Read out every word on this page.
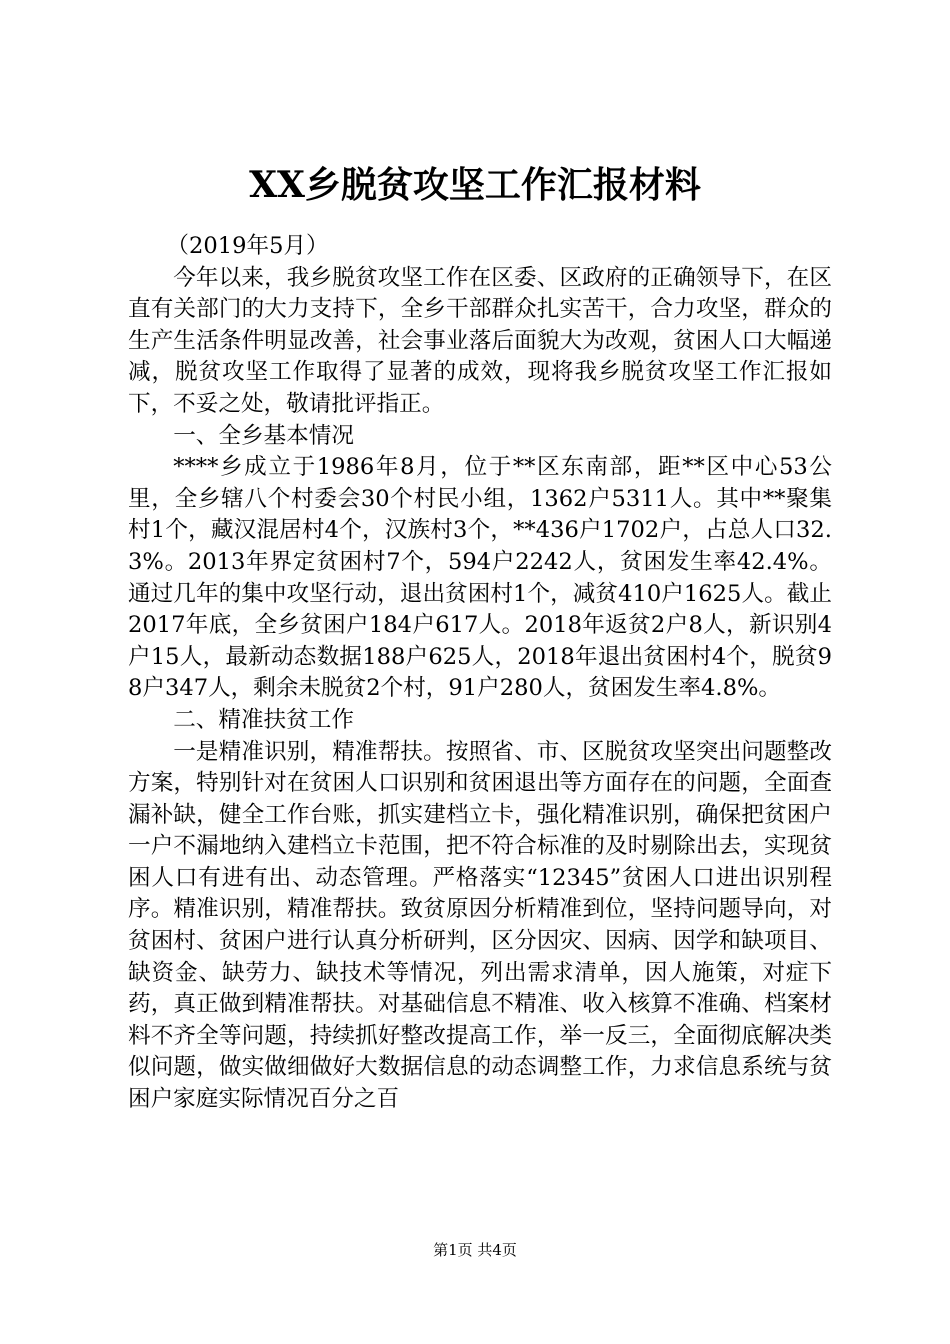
XX乡脱贫攻坚工作汇报材料

（2019年5月）

今年以来，我乡脱贫攻坚工作在区委、区政府的正确领导下，在区直有关部门的大力支持下，全乡干部群众扎实苦干，合力攻坚，群众的生产生活条件明显改善，社会事业落后面貌大为改观，贫困人口大幅递减，脱贫攻坚工作取得了显著的成效，现将我乡脱贫攻坚工作汇报如下，不妥之处，敬请批评指正。

一、全乡基本情况

****乡成立于1986年8月，位于**区东南部，距**区中心53公里，全乡辖八个村委会30个村民小组，1362户5311人。其中**聚集村1个，藏汉混居村4个，汉族村3个，**436户1702户，占总人口32.3%。2013年界定贫困村7个，594户2242人，贫困发生率42.4%。通过几年的集中攻坚行动，退出贫困村1个，减贫410户1625人。截止2017年底，全乡贫困户184户617人。2018年返贫2户8人，新识别4户15人，最新动态数据188户625人，2018年退出贫困村4个，脱贫98户347人，剩余未脱贫2个村，91户280人，贫困发生率4.8%。

二、精准扶贫工作

一是精准识别，精准帮扶。按照省、市、区脱贫攻坚突出问题整改方案，特别针对在贫困人口识别和贫困退出等方面存在的问题，全面查漏补缺，健全工作台账，抓实建档立卡，强化精准识别，确保把贫困户一户不漏地纳入建档立卡范围，把不符合标准的及时剔除出去，实现贫困人口有进有出、动态管理。严格落实“12345”贫困人口进出识别程序。精准识别，精准帮扶。致贫原因分析精准到位，坚持问题导向，对贫困村、贫困户进行认真分析研判，区分因灾、因病、因学和缺项目、缺资金、缺劳力、缺技术等情况，列出需求清单，因人施策，对症下药，真正做到精准帮扶。对基础信息不精准、收入核算不准确、档案材料不齐全等问题，持续抓好整改提高工作，举一反三，全面彻底解决类似问题，做实做细做好大数据信息的动态调整工作，力求信息系统与贫困户家庭实际情况百分之百

第1页 共4页
